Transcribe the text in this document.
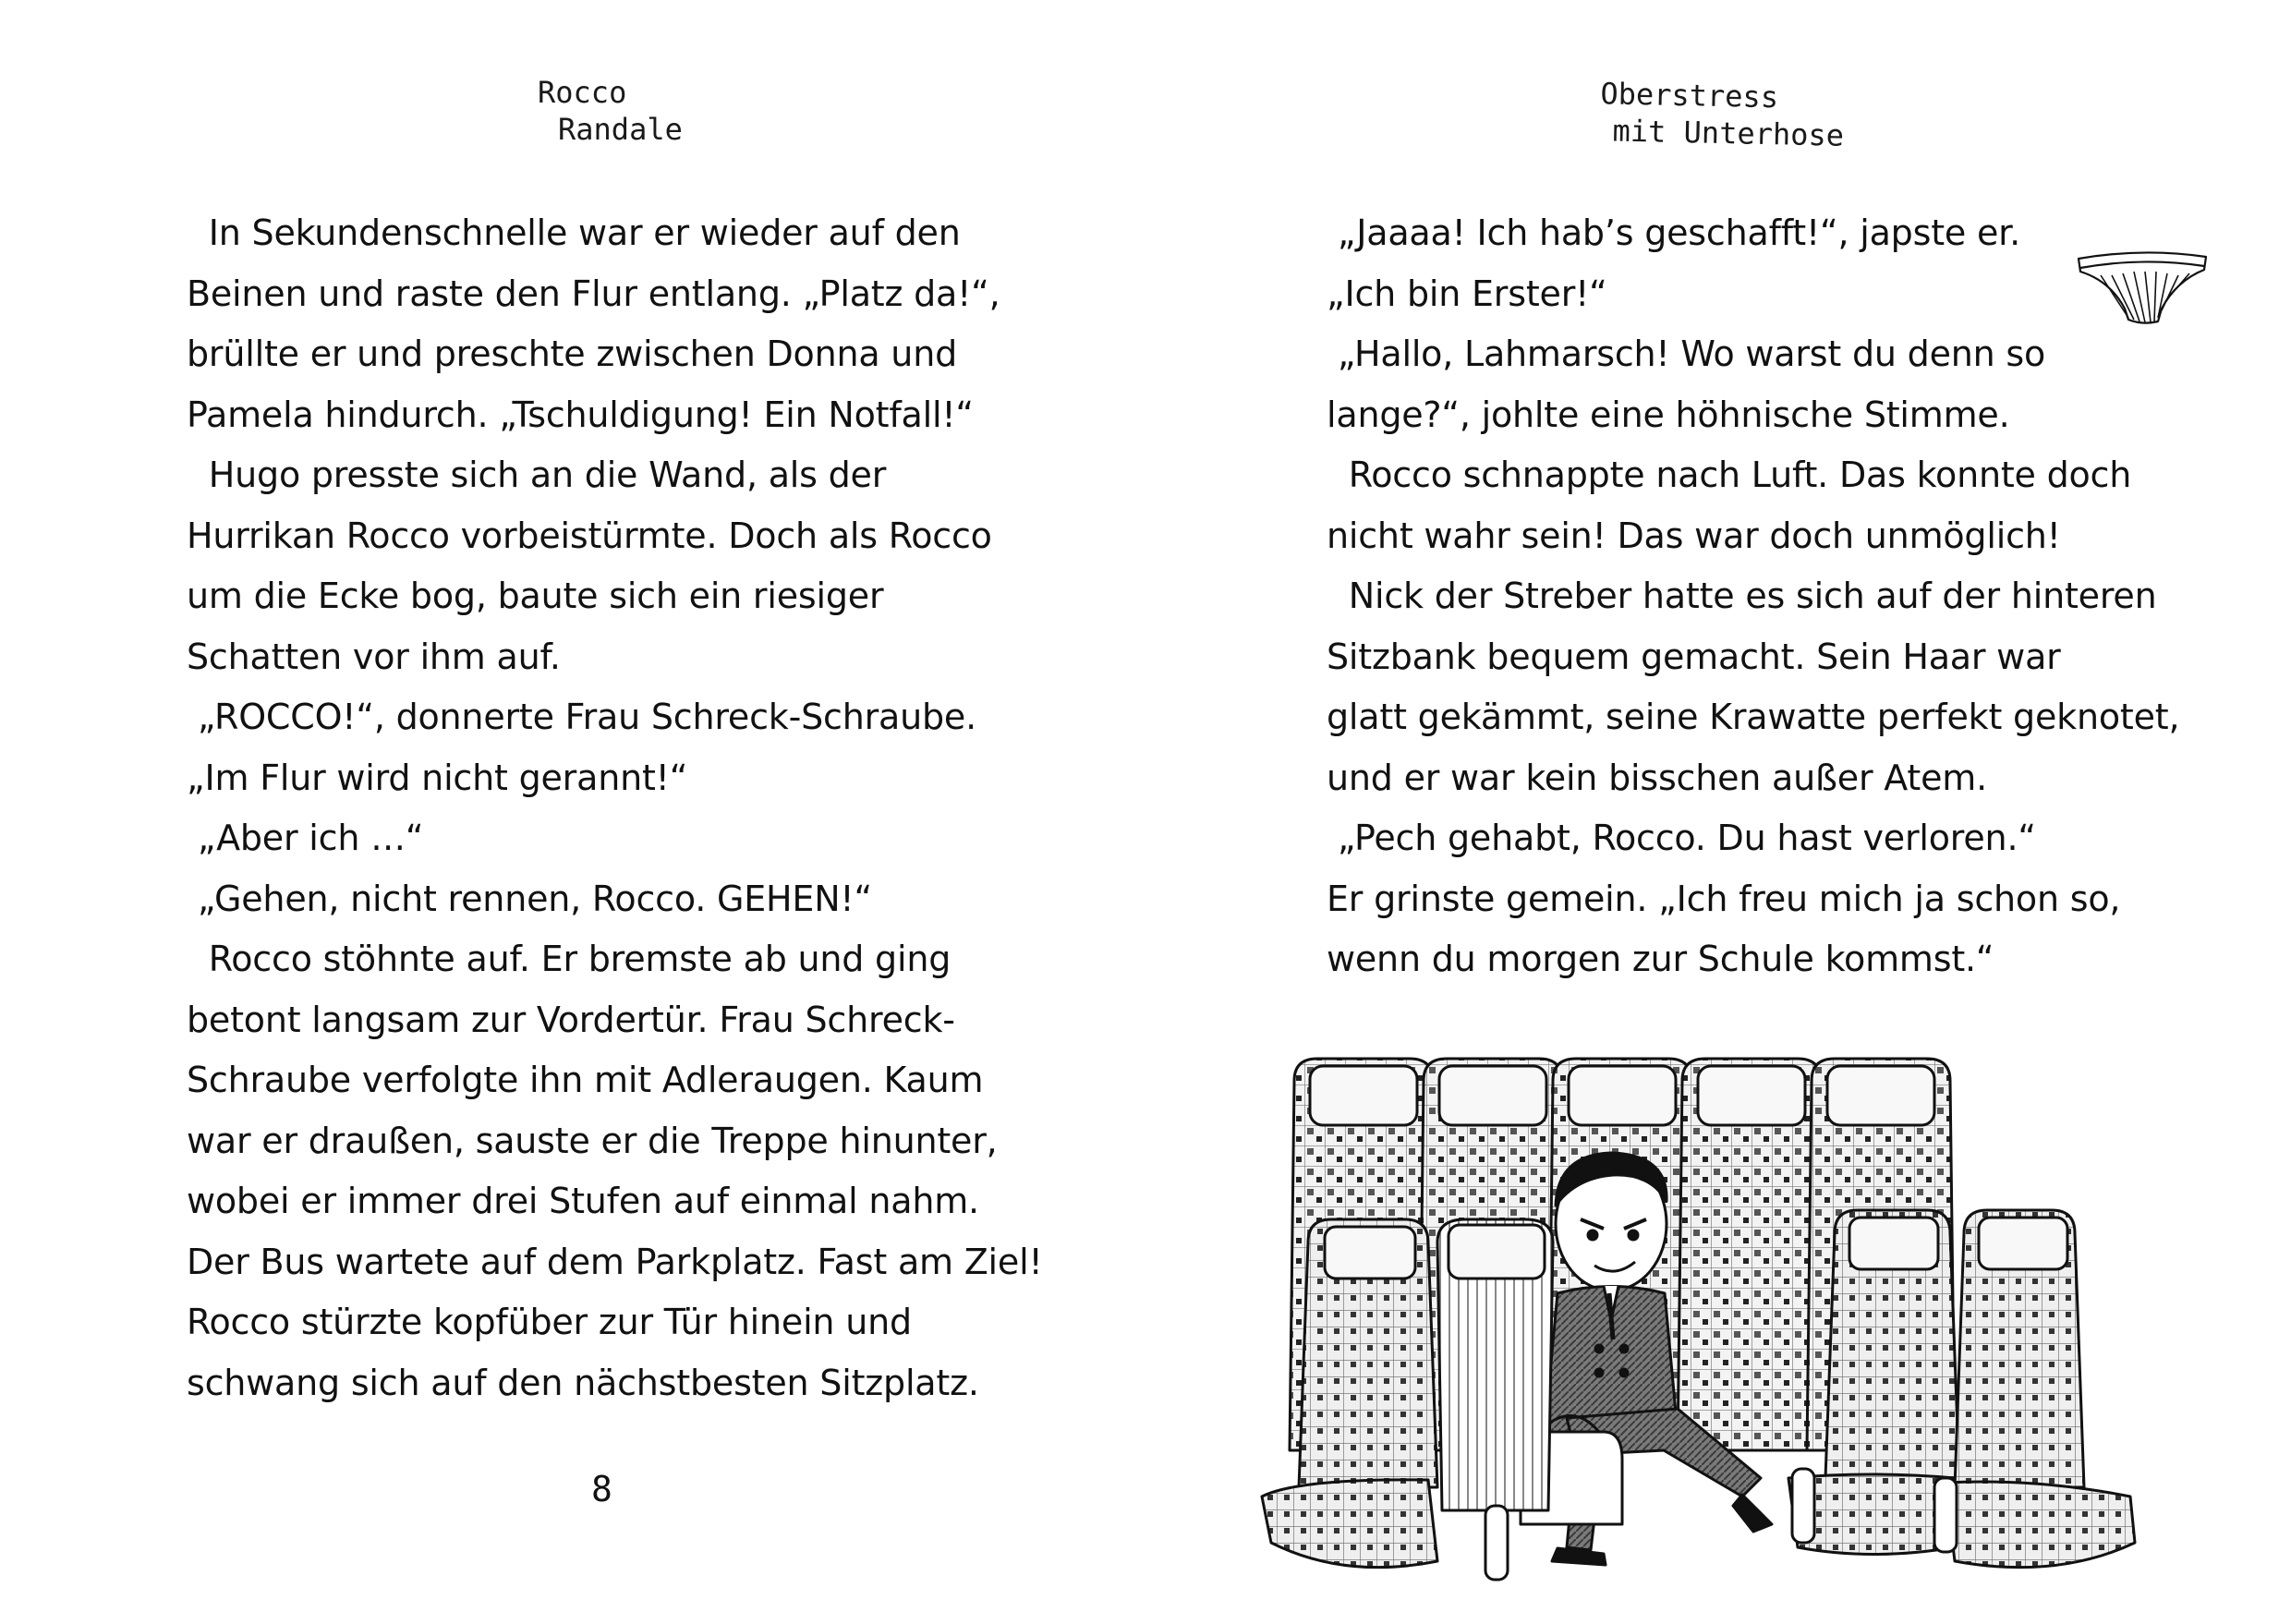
Rocco
Randale
In Sekundenschnelle war er wieder auf den
Beinen und raste den Flur entlang. „Platz da!“,
brüllte er und preschte zwischen Donna und
Pamela hindurch. „Tschuldigung! Ein Notfall!“
Hugo presste sich an die Wand, als der
Hurrikan Rocco vorbeistürmte. Doch als Rocco
um die Ecke bog, baute sich ein riesiger
Schatten vor ihm auf.
„ROCCO!“, donnerte Frau Schreck-Schraube.
„Im Flur wird nicht gerannt!“
„Aber ich …“
„Gehen, nicht rennen, Rocco. GEHEN!“
Rocco stöhnte auf. Er bremste ab und ging
betont langsam zur Vordertür. Frau Schreck-
Schraube verfolgte ihn mit Adleraugen. Kaum
war er draußen, sauste er die Treppe hinunter,
wobei er immer drei Stufen auf einmal nahm.
Der Bus wartete auf dem Parkplatz. Fast am Ziel!
Rocco stürzte kopfüber zur Tür hinein und
schwang sich auf den nächstbesten Sitzplatz.
8
Oberstress
mit Unterhose
„Jaaaa! Ich hab’s geschafft!“, japste er.
„Ich bin Erster!“
„Hallo, Lahmarsch! Wo warst du denn so
lange?“, johlte eine höhnische Stimme.
Rocco schnappte nach Luft. Das konnte doch
nicht wahr sein! Das war doch unmöglich!
Nick der Streber hatte es sich auf der hinteren
Sitzbank bequem gemacht. Sein Haar war
glatt gekämmt, seine Krawatte perfekt geknotet,
und er war kein bisschen außer Atem.
„Pech gehabt, Rocco. Du hast verloren.“
Er grinste gemein. „Ich freu mich ja schon so,
wenn du morgen zur Schule kommst.“
